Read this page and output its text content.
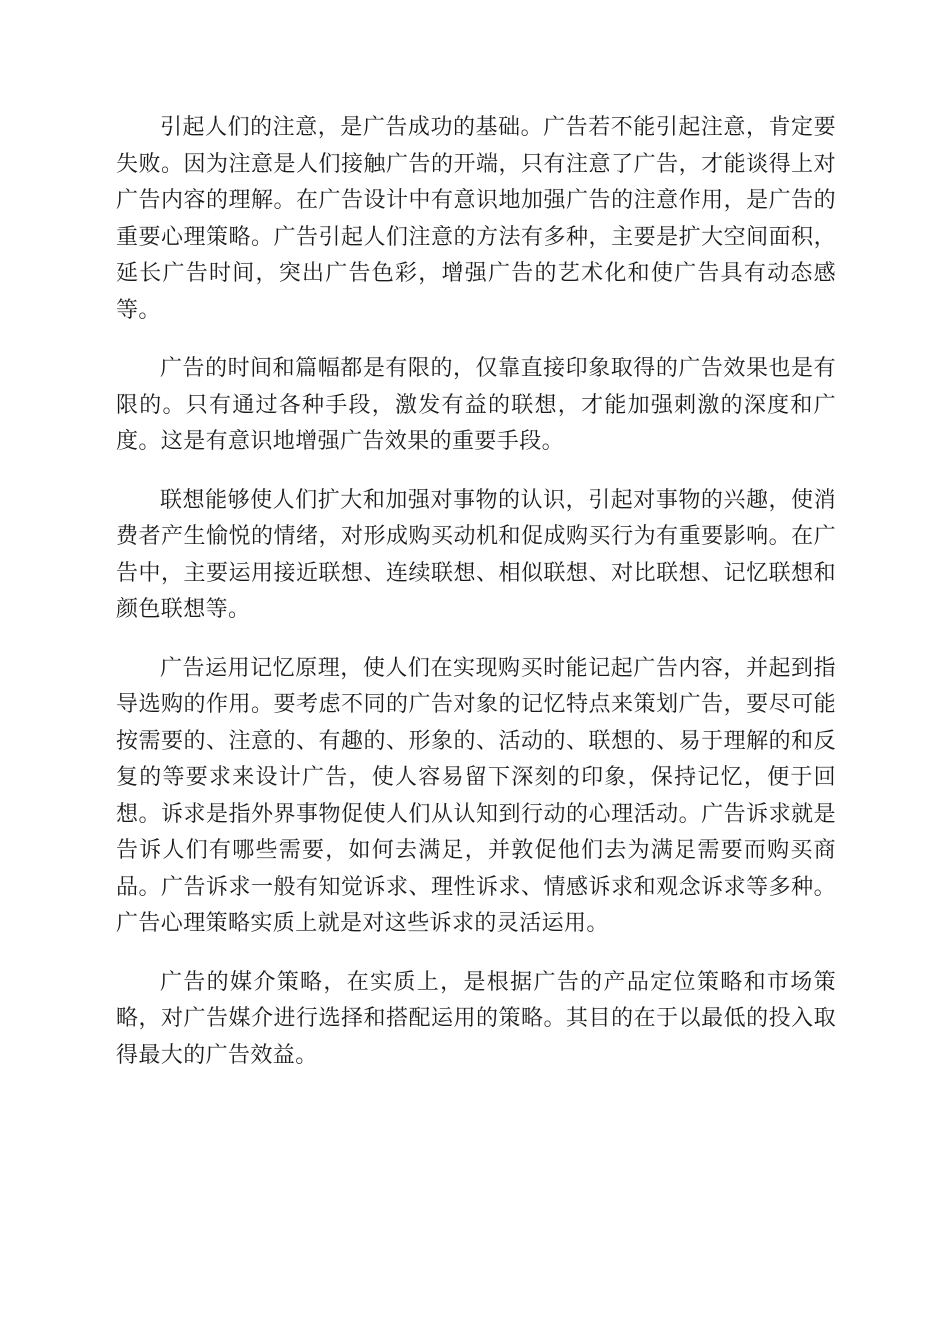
引起人们的注意，是广告成功的基础。广告若不能引起注意，肯定要失败。因为注意是人们接触广告的开端，只有注意了广告，才能谈得上对广告内容的理解。在广告设计中有意识地加强广告的注意作用，是广告的重要心理策略。广告引起人们注意的方法有多种，主要是扩大空间面积，延长广告时间，突出广告色彩，增强广告的艺术化和使广告具有动态感等。

广告的时间和篇幅都是有限的，仅靠直接印象取得的广告效果也是有限的。只有通过各种手段，激发有益的联想，才能加强刺激的深度和广度。这是有意识地增强广告效果的重要手段。

联想能够使人们扩大和加强对事物的认识，引起对事物的兴趣，使消费者产生愉悦的情绪，对形成购买动机和促成购买行为有重要影响。在广告中，主要运用接近联想、连续联想、相似联想、对比联想、记忆联想和颜色联想等。

广告运用记忆原理，使人们在实现购买时能记起广告内容，并起到指导选购的作用。要考虑不同的广告对象的记忆特点来策划广告，要尽可能按需要的、注意的、有趣的、形象的、活动的、联想的、易于理解的和反复的等要求来设计广告，使人容易留下深刻的印象，保持记忆，便于回想。诉求是指外界事物促使人们从认知到行动的心理活动。广告诉求就是告诉人们有哪些需要，如何去满足，并敦促他们去为满足需要而购买商品。广告诉求一般有知觉诉求、理性诉求、情感诉求和观念诉求等多种。广告心理策略实质上就是对这些诉求的灵活运用。

广告的媒介策略，在实质上，是根据广告的产品定位策略和市场策略，对广告媒介进行选择和搭配运用的策略。其目的在于以最低的投入取得最大的广告效益。
